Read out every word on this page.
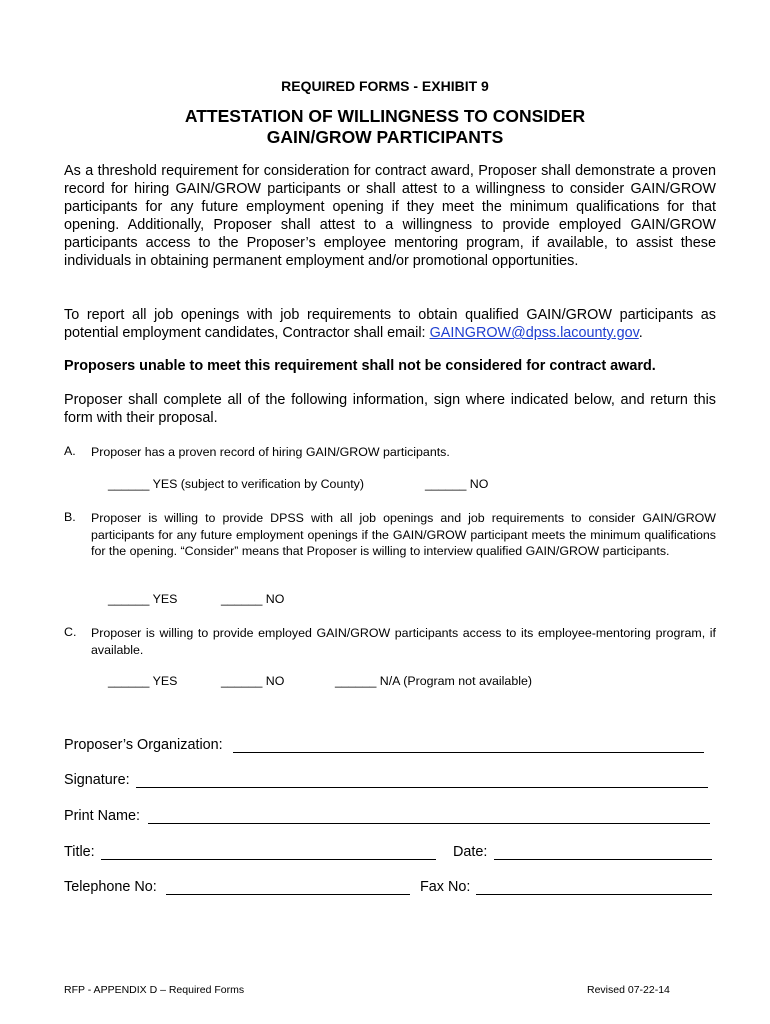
REQUIRED FORMS - EXHIBIT 9
ATTESTATION OF WILLINGNESS TO CONSIDER
GAIN/GROW PARTICIPANTS

As a threshold requirement for consideration for contract award, Proposer shall demonstrate a proven record for hiring GAIN/GROW participants or shall attest to a willingness to consider GAIN/GROW participants for any future employment opening if they meet the minimum qualifications for that opening. Additionally, Proposer shall attest to a willingness to provide employed GAIN/GROW participants access to the Proposer’s employee mentoring program, if available, to assist these individuals in obtaining permanent employment and/or promotional opportunities.

To report all job openings with job requirements to obtain qualified GAIN/GROW participants as potential employment candidates, Contractor shall email: GAINGROW@dpss.lacounty.gov.

Proposers unable to meet this requirement shall not be considered for contract award.

Proposer shall complete all of the following information, sign where indicated below, and return this form with their proposal.

A. Proposer has a proven record of hiring GAIN/GROW participants.

______ YES (subject to verification by County)	______ NO
B. Proposer is willing to provide DPSS with all job openings and job requirements to consider GAIN/GROW participants for any future employment openings if the GAIN/GROW participant meets the minimum qualifications for the opening. “Consider” means that Proposer is willing to interview qualified GAIN/GROW participants.

______ YES	______ NO
C. Proposer is willing to provide employed GAIN/GROW participants access to its employee-mentoring program, if available.

______ YES	______ NO	______ N/A (Program not available)
Proposer’s Organization:
Signature:
Print Name:
Title:	Date:
Telephone No:	Fax No:
RFP - APPENDIX D – Required Forms	Revised 07-22-14
